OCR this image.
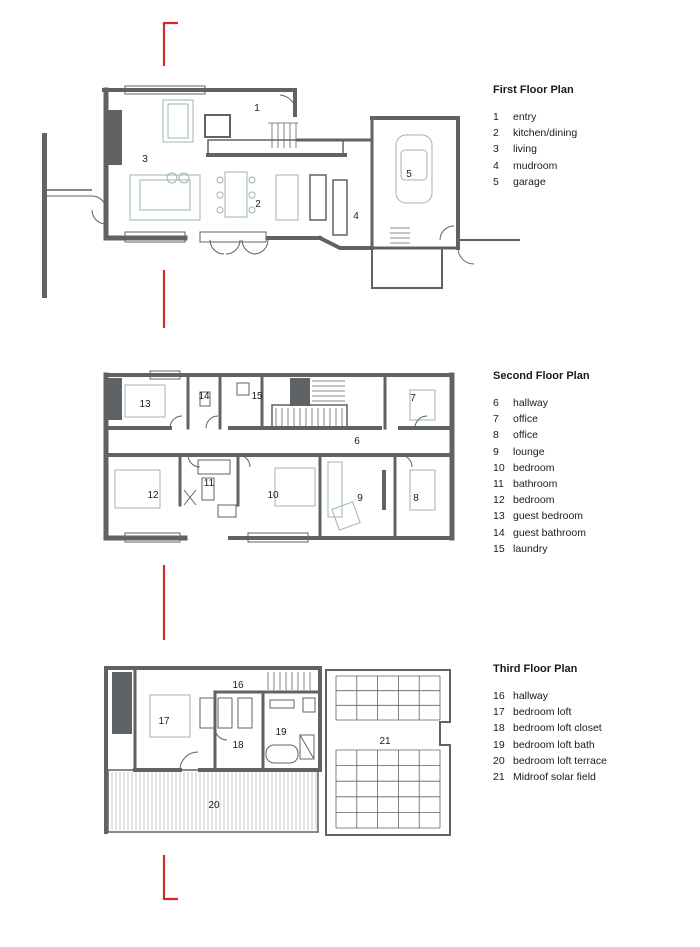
1
2
3
4
5
6
7
8
9
10
11
12
13
14	15
16
17
18
19
20
21
First Floor Plan
1 entry
2 kitchen/dining
3 living
4 mudroom
5 garage
Second Floor Plan
6 hallway
7 office
8 office
9 lounge
10 bedroom
11 bathroom
12 bedroom
13 guest bedroom
14 guest bathroom
15 laundry
Third Floor Plan
16 hallway
17 bedroom loft
18 bedroom loft closet
19 bedroom loft bath
20 bedroom loft terrace
21 Midroof solar field
